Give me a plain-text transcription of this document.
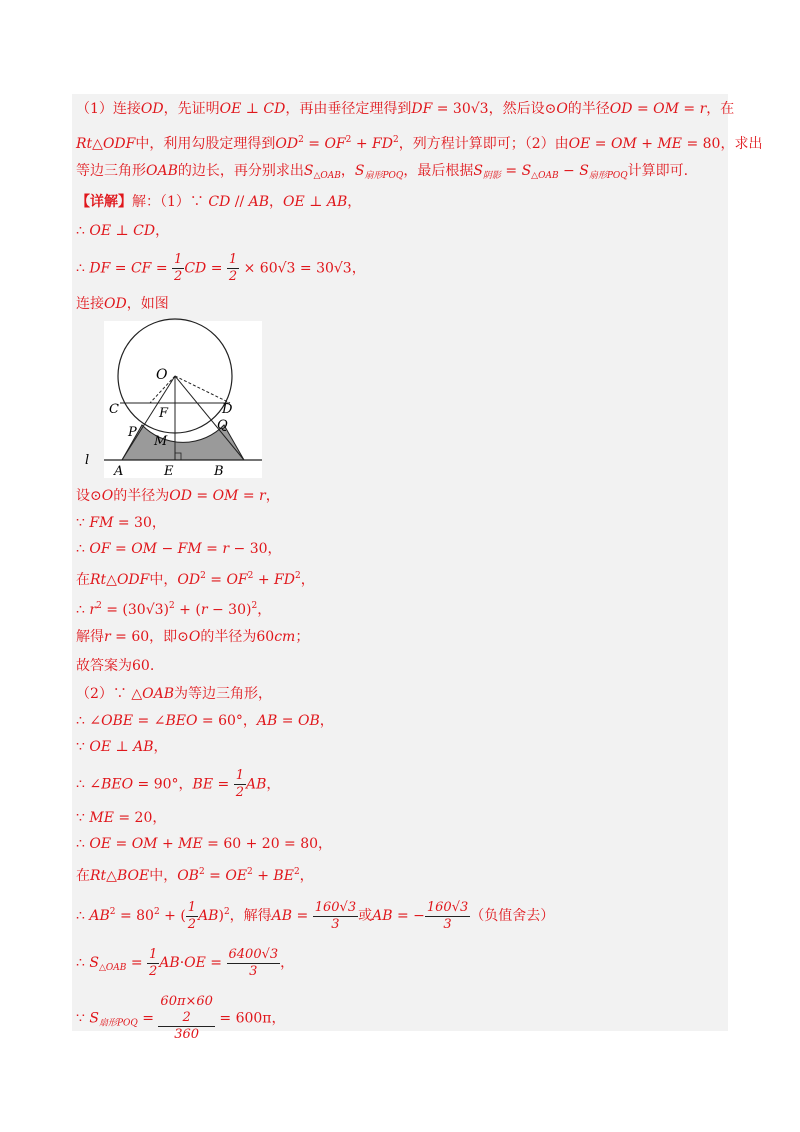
（1）连接OD，先证明OE ⊥ CD，再由垂径定理得到DF = 30√3，然后设⊙O的半径OD = OM = r，在
Rt△ODF中，利用勾股定理得到$OD^2 = OF^2 + FD^2$，列方程计算即可；（2）由OE = OM + ME = 80，求出
等边三角形OAB的边长，再分别求出$S_{\triangle OAB}$，$S_{扇形POQ}$，最后根据$S_{阴影} = S_{\triangle OAB} - S_{扇形POQ}$计算即可.
【详解】解：（1）∵ CD // AB，OE ⊥ AB，
∴ OE ⊥ CD，
∴ DF = CF = $\frac{1}{2}$ CD = $\frac{1}{2} \times 60√3 = 30√3$，
连接OD，如图
O
C	D
F
P	Q
M
l
A	E	B
设⊙O的半径为OD = OM = r，
∵ FM = 30，
∴ OF = OM − FM = r − 30，
在Rt△ODF中，$OD^2 = OF^2 + FD^2$，
∴ $r^2 = (30√3)^2 + (r - 30)^2$，
解得r = 60，即⊙O的半径为60cm；
故答案为60.
（2）∵ △OAB为等边三角形，
∴ ∠OBE = ∠BEO = 60°，AB = OB，
∵ OE ⊥ AB，
∴ ∠BEO = 90°，BE = $\frac{1}{2}$ AB，
∵ ME = 20，
∴ OE = OM + ME = 60 + 20 = 80，
在Rt△BOE中，$OB^2 = OE^2 + BE^2$，
∴ $AB^2 = 80^2$ + ( $\frac{1}{2} AB)^2$，解得AB = $\frac{160√3}{3}$ 或AB = − $\frac{160√3}{3}$ （负值舍去）
∴ $S_{\triangle OAB} = \frac{1}{2} AB\cdot OE = \frac{6400√3}{3}$ ，
∵ $S_{扇形POQ} = 60\pi\times 60$
2
360 = 600π，
